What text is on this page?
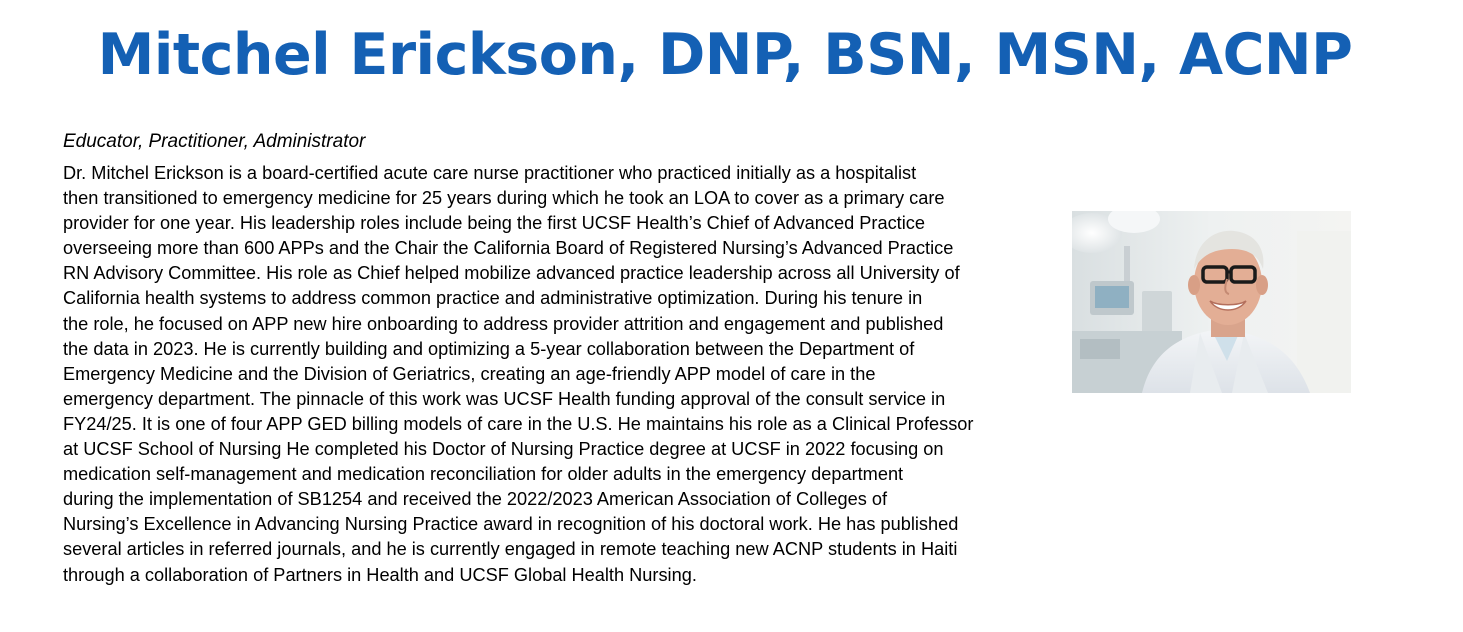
Mitchel Erickson, DNP, BSN, MSN, ACNP
Educator, Practitioner, Administrator
Dr. Mitchel Erickson is a board-certified acute care nurse practitioner who practiced initially as a hospitalist
then transitioned to emergency medicine for 25 years during which he took an LOA to cover as a primary care
provider for one year. His leadership roles include being the first UCSF Health’s Chief of Advanced Practice
overseeing more than 600 APPs and the Chair the California Board of Registered Nursing’s Advanced Practice
RN Advisory Committee. His role as Chief helped mobilize advanced practice leadership across all University of
California health systems to address common practice and administrative optimization. During his tenure in
the role, he focused on APP new hire onboarding to address provider attrition and engagement and published
the data in 2023. He is currently building and optimizing a 5-year collaboration between the Department of
Emergency Medicine and the Division of Geriatrics, creating an age-friendly APP model of care in the
emergency department. The pinnacle of this work was UCSF Health funding approval of the consult service in
FY24/25. It is one of four APP GED billing models of care in the U.S. He maintains his role as a Clinical Professor
at UCSF School of Nursing He completed his Doctor of Nursing Practice degree at UCSF in 2022 focusing on
medication self-management and medication reconciliation for older adults in the emergency department
during the implementation of SB1254 and received the 2022/2023 American Association of Colleges of
Nursing’s Excellence in Advancing Nursing Practice award in recognition of his doctoral work. He has published
several articles in referred journals, and he is currently engaged in remote teaching new ACNP students in Haiti
through a collaboration of Partners in Health and UCSF Global Health Nursing.
